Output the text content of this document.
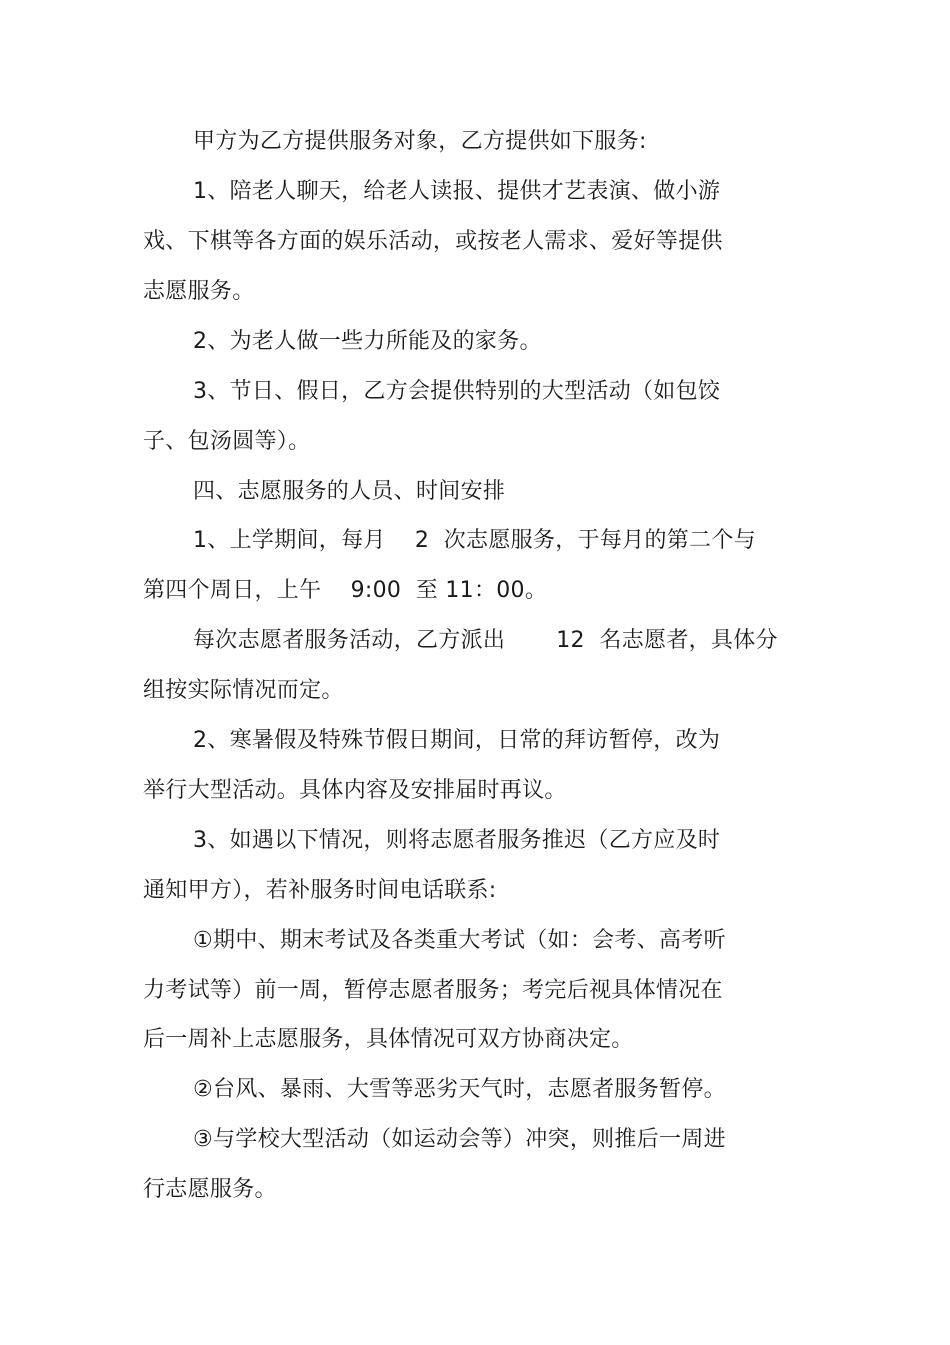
甲方为乙方提供服务对象，乙方提供如下服务:
1、陪老人聊天，给老人读报、提供才艺表演、做小游
戏、下棋等各方面的娱乐活动，或按老人需求、爱好等提供
志愿服务。
2、为老人做一些力所能及的家务。
3、节日、假日，乙方会提供特别的大型活动（如包饺
子、包汤圆等）。
四、志愿服务的人员、时间安排
1、上学期间，每月    2  次志愿服务，于每月的第二个与
第四个周日，上午    9:00  至 11：00。
每次志愿者服务活动，乙方派出       12  名志愿者，具体分
组按实际情况而定。
2、寒暑假及特殊节假日期间，日常的拜访暂停，改为
举行大型活动。具体内容及安排届时再议。
3、如遇以下情况，则将志愿者服务推迟（乙方应及时
通知甲方），若补服务时间电话联系:
①期中、期末考试及各类重大考试（如：会考、高考听
力考试等）前一周，暂停志愿者服务；考完后视具体情况在
后一周补上志愿服务，具体情况可双方协商决定。
②台风、暴雨、大雪等恶劣天气时，志愿者服务暂停。
③与学校大型活动（如运动会等）冲突，则推后一周进
行志愿服务。
